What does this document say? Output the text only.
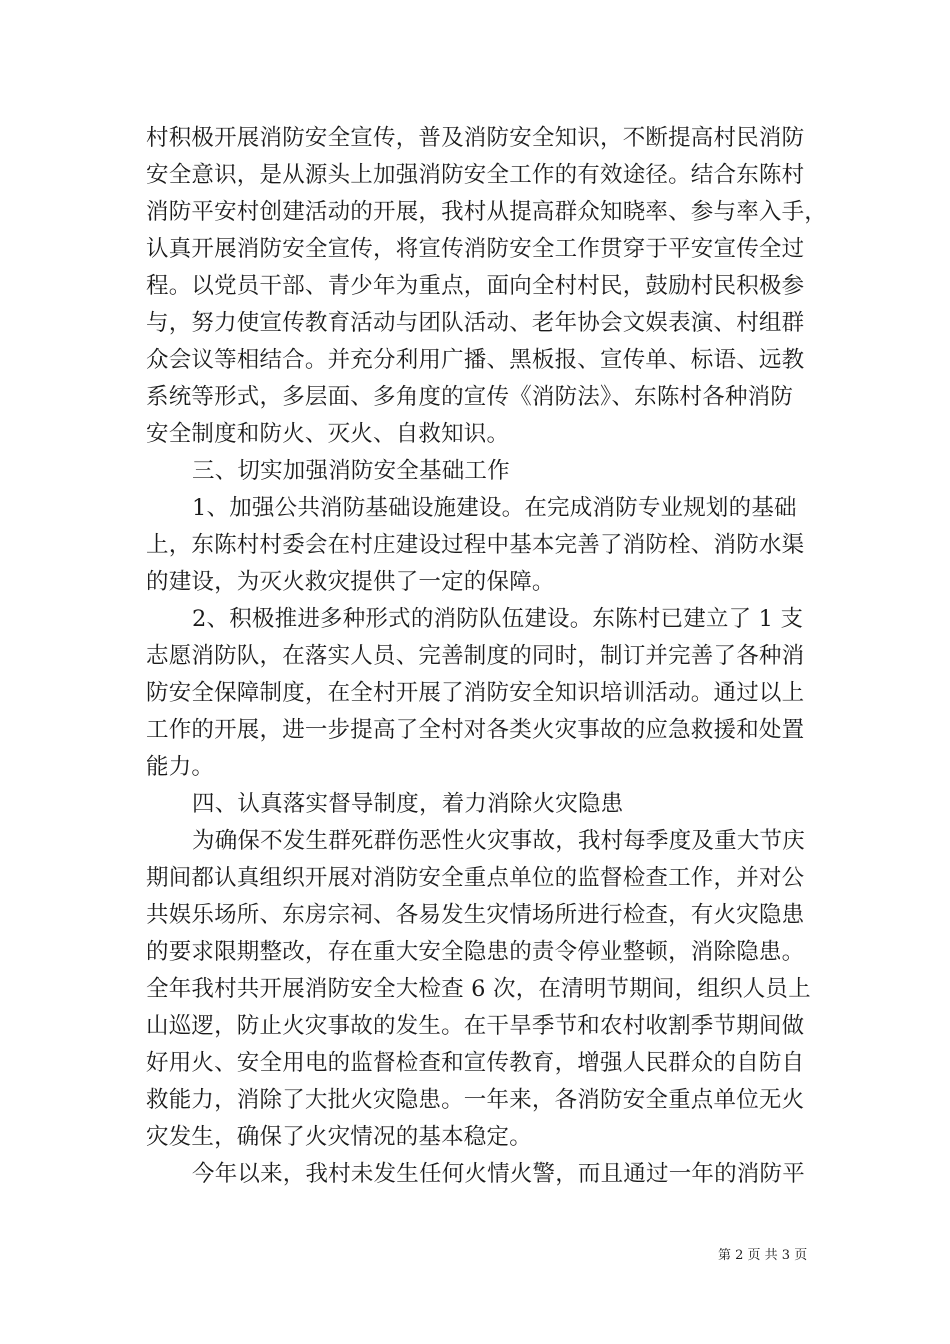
村积极开展消防安全宣传，普及消防安全知识，不断提高村民消防
安全意识，是从源头上加强消防安全工作的有效途径。结合东陈村
消防平安村创建活动的开展，我村从提高群众知晓率、参与率入手，
认真开展消防安全宣传，将宣传消防安全工作贯穿于平安宣传全过
程。以党员干部、青少年为重点，面向全村村民，鼓励村民积极参
与，努力使宣传教育活动与团队活动、老年协会文娱表演、村组群
众会议等相结合。并充分利用广播、黑板报、宣传单、标语、远教
系统等形式，多层面、多角度的宣传《消防法》、东陈村各种消防
安全制度和防火、灭火、自救知识。
三、切实加强消防安全基础工作
1、加强公共消防基础设施建设。在完成消防专业规划的基础
上，东陈村村委会在村庄建设过程中基本完善了消防栓、消防水渠
的建设，为灭火救灾提供了一定的保障。
2、积极推进多种形式的消防队伍建设。东陈村已建立了 1 支
志愿消防队，在落实人员、完善制度的同时，制订并完善了各种消
防安全保障制度，在全村开展了消防安全知识培训活动。通过以上
工作的开展，进一步提高了全村对各类火灾事故的应急救援和处置
能力。
四、认真落实督导制度，着力消除火灾隐患
为确保不发生群死群伤恶性火灾事故，我村每季度及重大节庆
期间都认真组织开展对消防安全重点单位的监督检查工作，并对公
共娱乐场所、东房宗祠、各易发生灾情场所进行检查，有火灾隐患
的要求限期整改，存在重大安全隐患的责令停业整顿，消除隐患。
全年我村共开展消防安全大检查 6 次，在清明节期间，组织人员上
山巡逻，防止火灾事故的发生。在干旱季节和农村收割季节期间做
好用火、安全用电的监督检查和宣传教育，增强人民群众的自防自
救能力，消除了大批火灾隐患。一年来，各消防安全重点单位无火
灾发生，确保了火灾情况的基本稳定。
今年以来，我村未发生任何火情火警，而且通过一年的消防平
第 2 页 共 3 页
